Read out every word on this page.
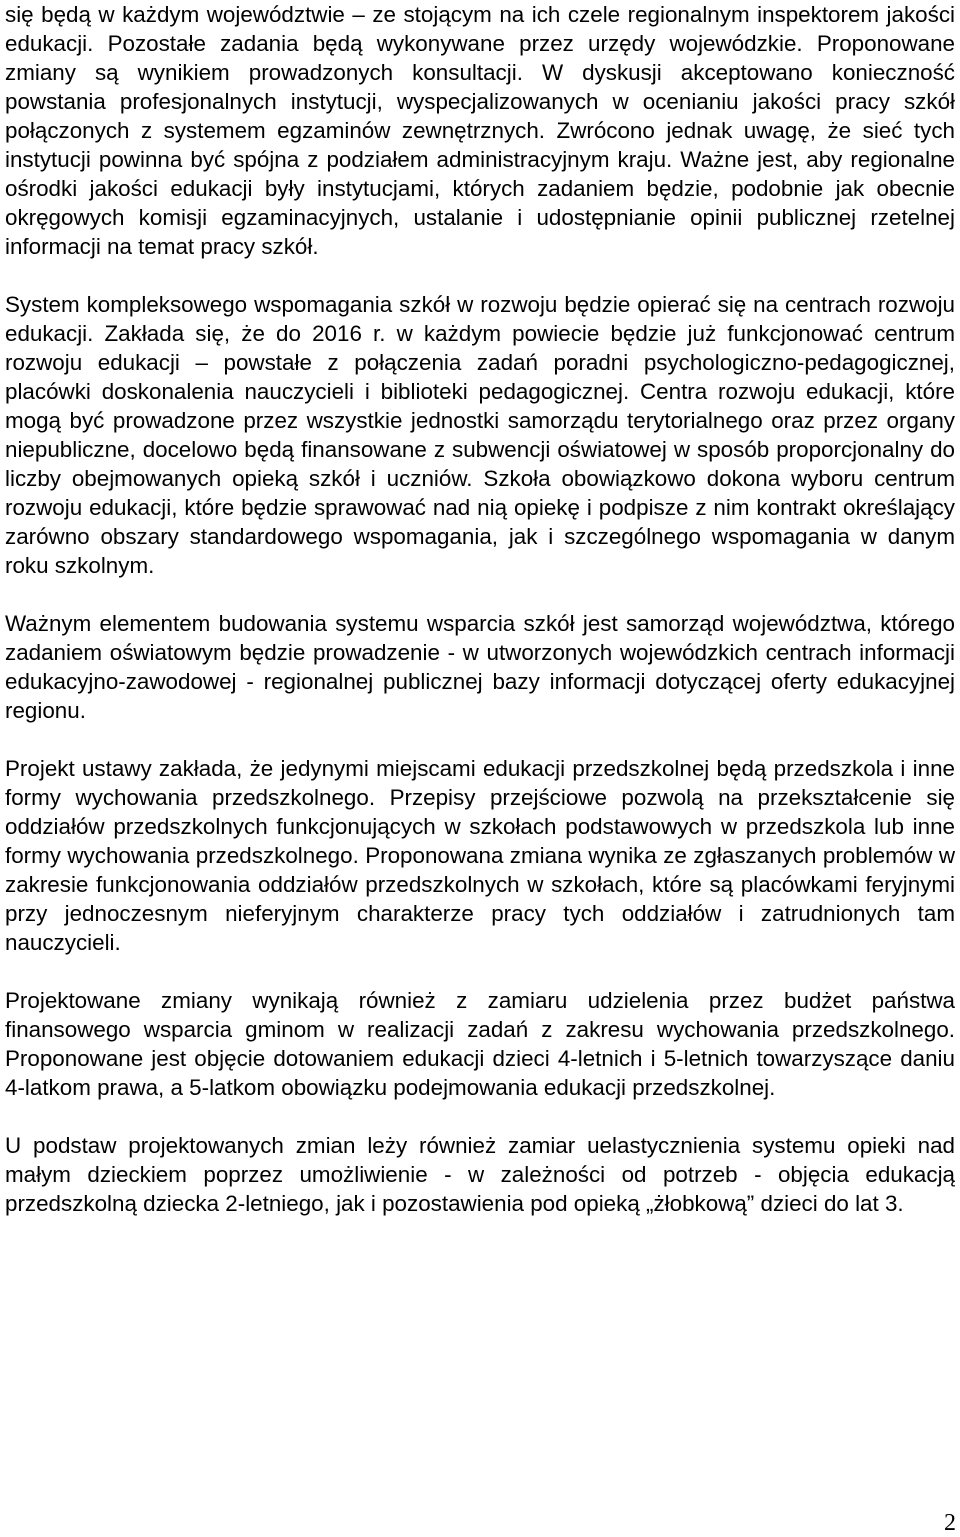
się będą w każdym województwie – ze stojącym na ich czele regionalnym inspektorem jakości edukacji. Pozostałe zadania będą wykonywane przez urzędy wojewódzkie. Proponowane zmiany są wynikiem prowadzonych konsultacji. W dyskusji akceptowano konieczność powstania profesjonalnych instytucji, wyspecjalizowanych w ocenianiu jakości pracy szkół połączonych z systemem egzaminów zewnętrznych. Zwrócono jednak uwagę, że sieć tych instytucji powinna być spójna z podziałem administracyjnym kraju. Ważne jest, aby regionalne ośrodki jakości edukacji były instytucjami, których zadaniem będzie, podobnie jak obecnie okręgowych komisji egzaminacyjnych, ustalanie i udostępnianie opinii publicznej rzetelnej informacji na temat pracy szkół.

System kompleksowego wspomagania szkół w rozwoju będzie opierać się na centrach rozwoju edukacji. Zakłada się, że do 2016 r. w każdym powiecie będzie już funkcjonować centrum rozwoju edukacji – powstałe z połączenia zadań poradni psychologiczno-pedagogicznej, placówki doskonalenia nauczycieli i biblioteki pedagogicznej. Centra rozwoju edukacji, które mogą być prowadzone przez wszystkie jednostki samorządu terytorialnego oraz przez organy niepubliczne, docelowo będą finansowane z subwencji oświatowej w sposób proporcjonalny do liczby obejmowanych opieką szkół i uczniów. Szkoła obowiązkowo dokona wyboru centrum rozwoju edukacji, które będzie sprawować nad nią opiekę i podpisze z nim kontrakt określający zarówno obszary standardowego wspomagania, jak i szczególnego wspomagania w danym roku szkolnym.

Ważnym elementem budowania systemu wsparcia szkół jest samorząd województwa, którego zadaniem oświatowym będzie prowadzenie - w utworzonych wojewódzkich centrach informacji edukacyjno-zawodowej - regionalnej publicznej bazy informacji dotyczącej oferty edukacyjnej regionu.

Projekt ustawy zakłada, że jedynymi miejscami edukacji przedszkolnej będą przedszkola i inne formy wychowania przedszkolnego. Przepisy przejściowe pozwolą na przekształcenie się oddziałów przedszkolnych funkcjonujących w szkołach podstawowych w przedszkola lub inne formy wychowania przedszkolnego. Proponowana zmiana wynika ze zgłaszanych problemów w zakresie funkcjonowania oddziałów przedszkolnych w szkołach, które są placówkami feryjnymi przy jednoczesnym nieferyjnym charakterze pracy tych oddziałów i zatrudnionych tam nauczycieli.

Projektowane zmiany wynikają również z zamiaru udzielenia przez budżet państwa finansowego wsparcia gminom w realizacji zadań z zakresu wychowania przedszkolnego. Proponowane jest objęcie dotowaniem edukacji dzieci 4-letnich i 5-letnich towarzyszące daniu 4-latkom prawa, a 5-latkom obowiązku podejmowania edukacji przedszkolnej.

U podstaw projektowanych zmian leży również zamiar uelastycznienia systemu opieki nad małym dzieckiem poprzez umożliwienie - w zależności od potrzeb - objęcia edukacją przedszkolną dziecka 2-letniego, jak i pozostawienia pod opieką „żłobkową” dzieci do lat 3.

2
